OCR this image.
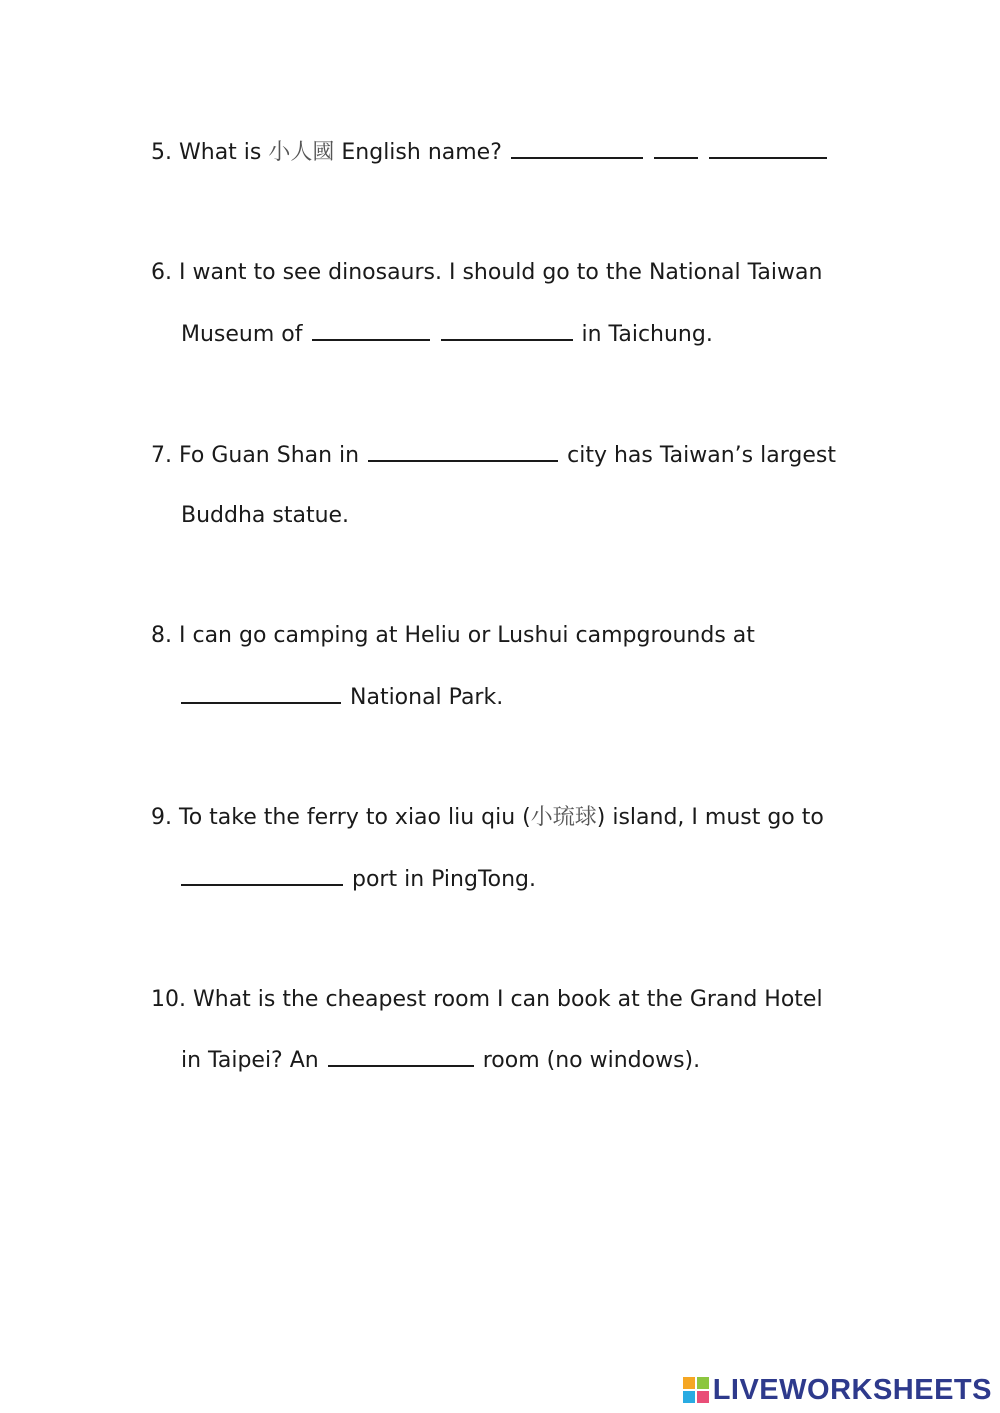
5. What is 小人國 English name?
6. I want to see dinosaurs. I should go to the National Taiwan
Museum of	in Taichung.
7. Fo Guan Shan in	city has Taiwan’s largest
Buddha statue.
8. I can go camping at Heliu or Lushui campgrounds at
National Park.
9. To take the ferry to xiao liu qiu (小琉球) island, I must go to
port in PingTong.
10. What is the cheapest room I can book at the Grand Hotel
in Taipei? An	room (no windows).
LIVEWORKSHEETS
